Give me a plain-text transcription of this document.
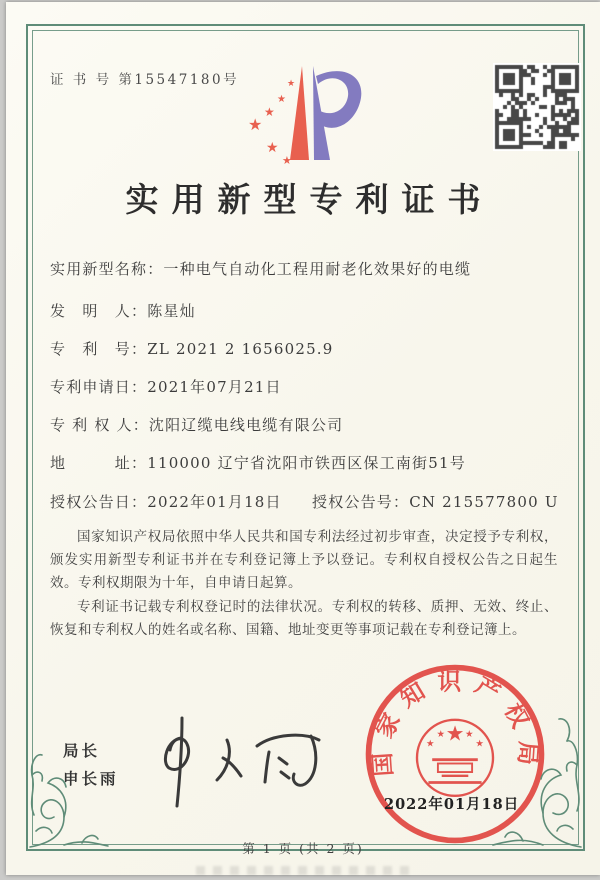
证 书 号 第15547180号
★
★
★
★
★
★
实用新型专利证书
实用新型名称：一种电气自动化工程用耐老化效果好的电缆
发　明　人：陈星灿
专　利　号：ZL 2021 2 1656025.9
专利申请日：2021年07月21日
专 利 权 人：沈阳辽缆电线电缆有限公司
地　　　址：110000 辽宁省沈阳市铁西区保工南街51号
授权公告日：2022年01月18日 授权公告号：CN 215577800 U

国家知识产权局依照中华人民共和国专利法经过初步审查，决定授予专利权，颁发实用新型专利证书并在专利登记簿上予以登记。专利权自授权公告之日起生效。专利权期限为十年，自申请日起算。

专利证书记载专利权登记时的法律状况。专利权的转移、质押、无效、终止、恢复和专利权人的姓名或名称、国籍、地址变更等事项记载在专利登记簿上。

局长
申长雨
国家知识产权局
★
★
★ ★
★
2022年01月18日
第 1 页 (共 2 页)
